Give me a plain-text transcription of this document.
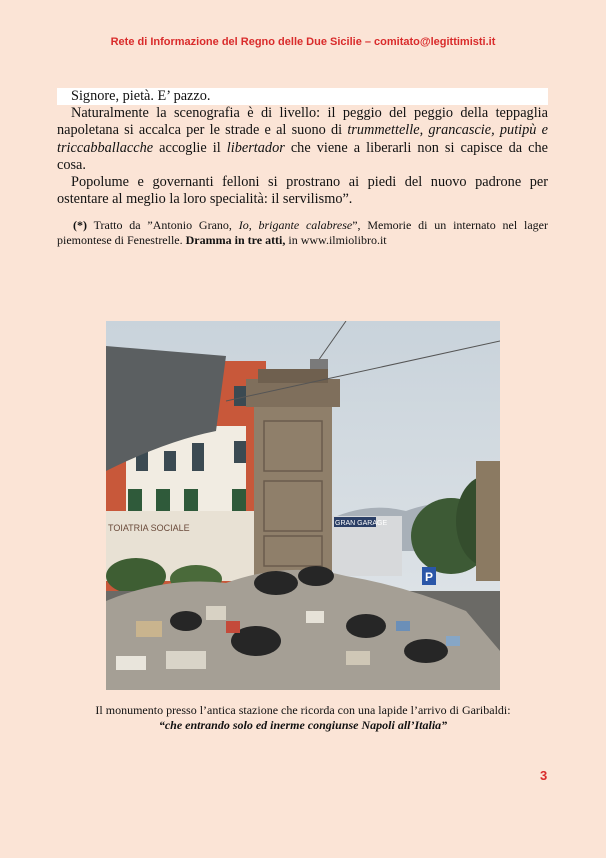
Rete di Informazione del Regno delle Due Sicilie – comitato@legittimisti.it

Signore, pietà. E’ pazzo.

Naturalmente la scenografia è di livello: il peggio del peggio della teppaglia napoletana si accalca per le strade e al suono di trummettelle, grancascie, putipù e triccabballacche accoglie il libertador che viene a liberarli non si capisce da che cosa.

Popolume e governanti felloni si prostrano ai piedi del nuovo padrone per ostentare al meglio la loro specialità: il servilismo”.

(*) Tratto da ”Antonio Grano, Io, brigante calabrese”, Memorie di un internato nel lager piemontese di Fenestrelle. Dramma in tre atti, in www.ilmiolibro.it
TOIATRIA SOCIALE	GRAN GARAGE
P
Il monumento presso l’antica stazione che ricorda con una lapide l’arrivo di Garibaldi:
“che entrando solo ed inerme congiunse Napoli all’Italia”
3
